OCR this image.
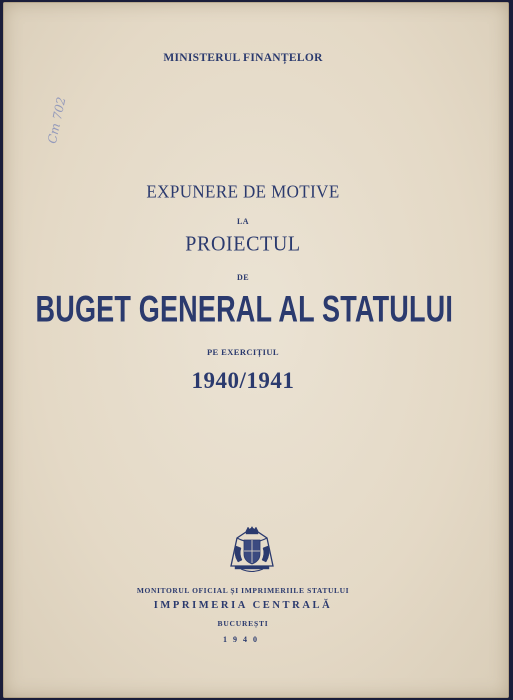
MINISTERUL FINANȚELOR

Cm 702

EXPUNERE DE MOTIVE

LA

PROIECTUL

DE

BUGET GENERAL AL STATULUI

PE EXERCIȚIUL

1940/1941

MONITORUL OFICIAL ȘI IMPRIMERIILE STATULUI

IMPRIMERIA CENTRALĂ

BUCUREȘTI

1940
